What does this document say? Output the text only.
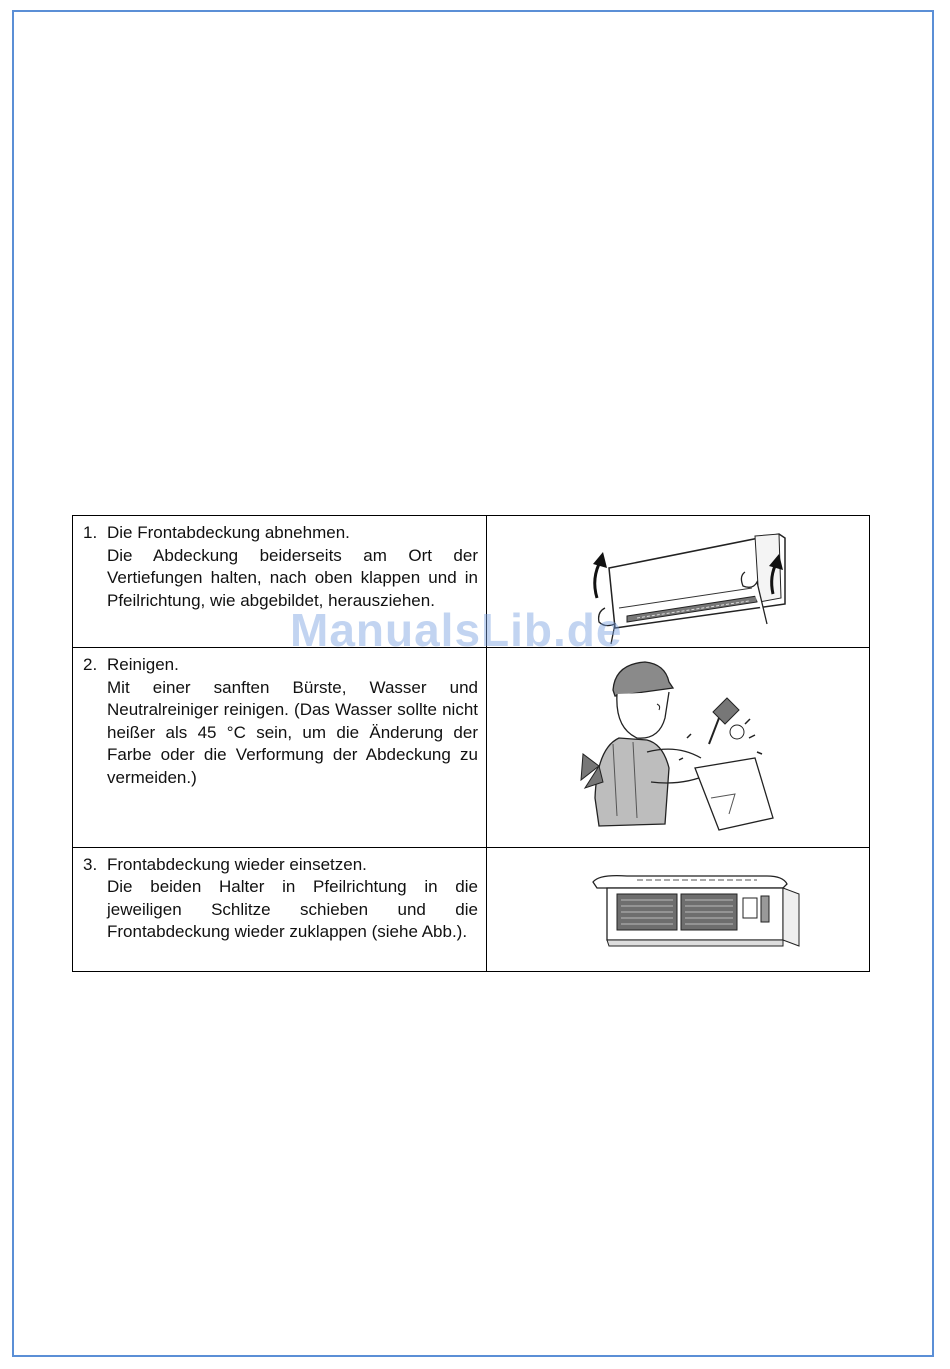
1. Die Frontabdeckung abnehmen.
Die Abdeckung beiderseits am Ort der Vertiefungen halten, nach oben klappen und in Pfeilrichtung, wie abgebildet, herausziehen.

2. Reinigen.
Mit einer sanften Bürste, Wasser und Neutralreiniger reinigen. (Das Wasser sollte nicht heißer als 45 °C sein, um die Änderung der Farbe oder die Verformung der Abdeckung zu vermeiden.)

3. Frontabdeckung wieder einsetzen.
Die beiden Halter in Pfeilrichtung in die jeweiligen Schlitze schieben und die Frontabdeckung wieder zuklappen (siehe Abb.).

ManualsLib.de
